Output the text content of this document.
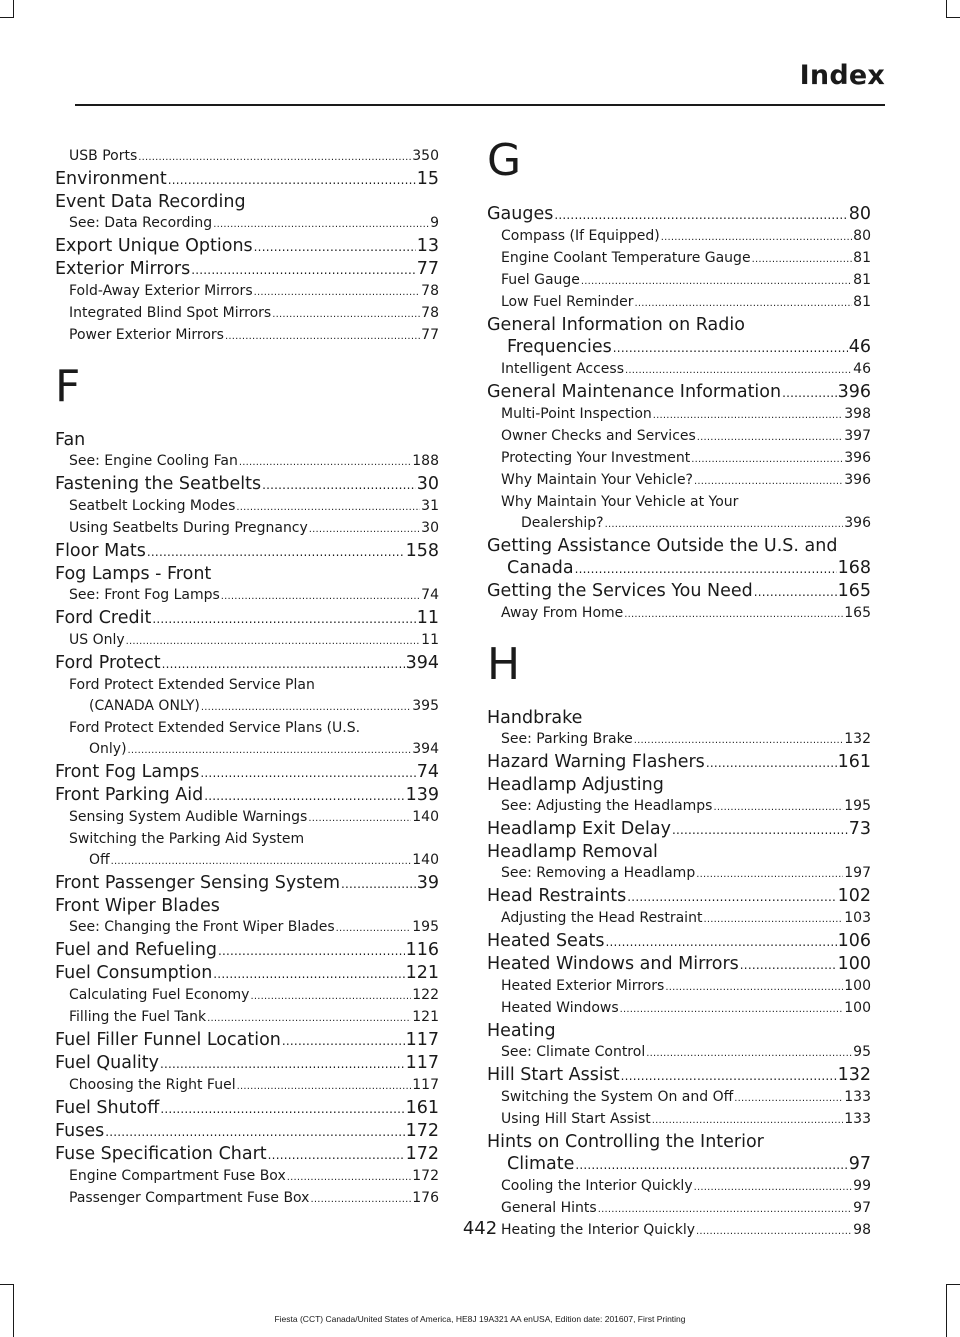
Index
USB Ports .....	350
Environment .....	15
Event Data Recording
See: Data Recording .....	9
Export Unique Options .....	13
Exterior Mirrors .....	77
Fold-Away Exterior Mirrors .....	78
Integrated Blind Spot Mirrors .....	78
Power Exterior Mirrors .....	77
F
Fan
See: Engine Cooling Fan .....	188
Fastening the Seatbelts .....	30
Seatbelt Locking Modes .....	31
Using Seatbelts During Pregnancy .....	30
Floor Mats .....	158
Fog Lamps - Front
See: Front Fog Lamps .....	74
Ford Credit .....	11
US Only .....	11
Ford Protect .....	394
Ford Protect Extended Service Plan
(CANADA ONLY) .....	395
Ford Protect Extended Service Plans (U.S.
Only) .....	394
Front Fog Lamps .....	74
Front Parking Aid .....	139
Sensing System Audible Warnings .....	140
Switching the Parking Aid System
Off .....	140
Front Passenger Sensing System .....	39
Front Wiper Blades
See: Changing the Front Wiper Blades .....	195
Fuel and Refueling .....	116
Fuel Consumption .....	121
Calculating Fuel Economy .....	122
Filling the Fuel Tank .....	121
Fuel Filler Funnel Location .....	117
Fuel Quality .....	117
Choosing the Right Fuel .....	117
Fuel Shutoff .....	161
Fuses .....	172
Fuse Specification Chart .....	172
Engine Compartment Fuse Box .....	172
Passenger Compartment Fuse Box .....	176
G
Gauges .....	80
Compass (If Equipped) .....	80
Engine Coolant Temperature Gauge .....	81
Fuel Gauge .....	81
Low Fuel Reminder .....	81
General Information on Radio
Frequencies .....	46
Intelligent Access .....	46
General Maintenance Information .....	396
Multi-Point Inspection .....	398
Owner Checks and Services .....	397
Protecting Your Investment .....	396
Why Maintain Your Vehicle? .....	396
Why Maintain Your Vehicle at Your
Dealership? .....	396
Getting Assistance Outside the U.S. and
Canada .....	168
Getting the Services You Need .....	165
Away From Home .....	165
H
Handbrake
See: Parking Brake .....	132
Hazard Warning Flashers .....	161
Headlamp Adjusting
See: Adjusting the Headlamps .....	195
Headlamp Exit Delay .....	73
Headlamp Removal
See: Removing a Headlamp .....	197
Head Restraints .....	102
Adjusting the Head Restraint .....	103
Heated Seats .....	106
Heated Windows and Mirrors .....	100
Heated Exterior Mirrors .....	100
Heated Windows .....	100
Heating
See: Climate Control .....	95
Hill Start Assist .....	132
Switching the System On and Off .....	133
Using Hill Start Assist .....	133
Hints on Controlling the Interior
Climate .....	97
Cooling the Interior Quickly .....	99
General Hints .....	97
Heating the Interior Quickly .....	98
442
Fiesta (CCT) Canada/United States of America, HE8J 19A321 AA enUSA, Edition date: 201607, First Printing
